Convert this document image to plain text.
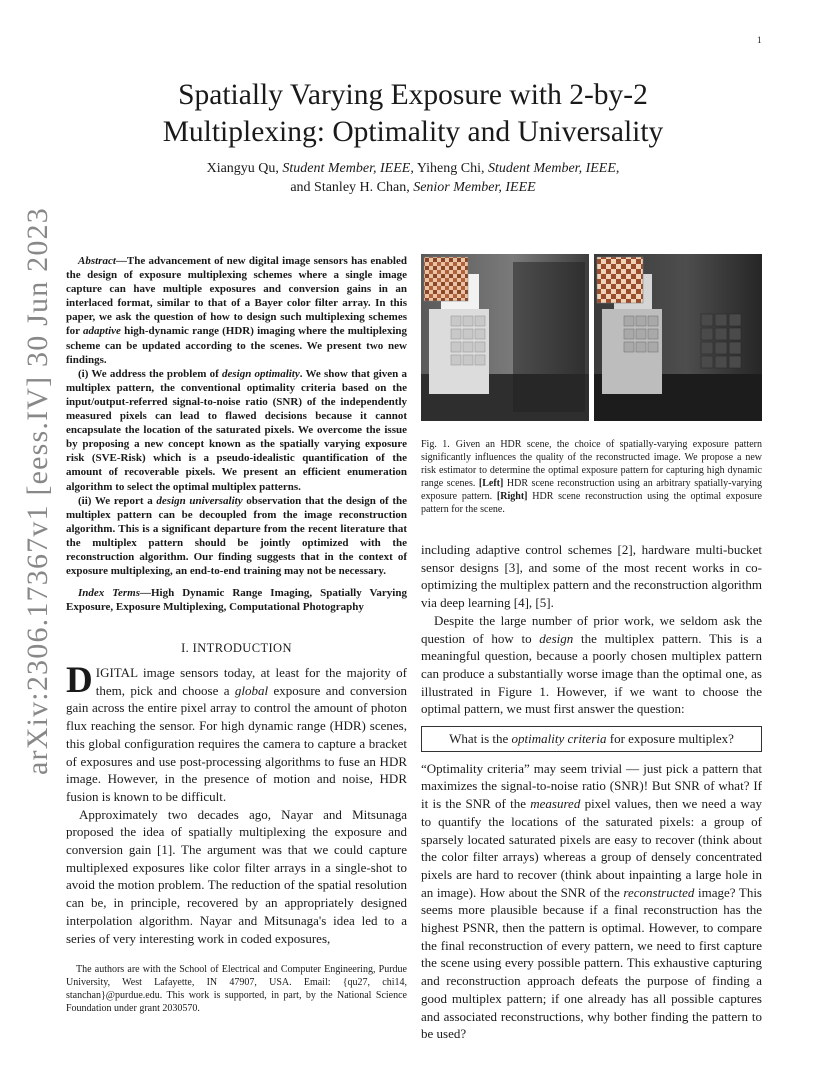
1
arXiv:2306.17367v1 [eess.IV] 30 Jun 2023
Spatially Varying Exposure with 2-by-2 Multiplexing: Optimality and Universality
Xiangyu Qu, Student Member, IEEE, Yiheng Chi, Student Member, IEEE,
and Stanley H. Chan, Senior Member, IEEE

Abstract—The advancement of new digital image sensors has enabled the design of exposure multiplexing schemes where a single image capture can have multiple exposures and conversion gains in an interlaced format, similar to that of a Bayer color filter array. In this paper, we ask the question of how to design such multiplexing schemes for adaptive high-dynamic range (HDR) imaging where the multiplexing scheme can be updated according to the scenes. We present two new findings.

(i) We address the problem of design optimality. We show that given a multiplex pattern, the conventional optimality criteria based on the input/output-referred signal-to-noise ratio (SNR) of the independently measured pixels can lead to flawed decisions because it cannot encapsulate the location of the saturated pixels. We overcome the issue by proposing a new concept known as the spatially varying exposure risk (SVE-Risk) which is a pseudo-idealistic quantification of the amount of recoverable pixels. We present an efficient enumeration algorithm to select the optimal multiplex patterns.

(ii) We report a design universality observation that the design of the multiplex pattern can be decoupled from the image reconstruction algorithm. This is a significant departure from the recent literature that the multiplex pattern should be jointly optimized with the reconstruction algorithm. Our finding suggests that in the context of exposure multiplexing, an end-to-end training may not be necessary.

Index Terms—High Dynamic Range Imaging, Spatially Varying Exposure, Exposure Multiplexing, Computational Photography
I. INTRODUCTION

DIGITAL image sensors today, at least for the majority of them, pick and choose a global exposure and conversion gain across the entire pixel array to control the amount of photon flux reaching the sensor. For high dynamic range (HDR) scenes, this global configuration requires the camera to capture a bracket of exposures and use post-processing algorithms to fuse an HDR image. However, in the presence of motion and noise, HDR fusion is known to be difficult.

Approximately two decades ago, Nayar and Mitsunaga proposed the idea of spatially multiplexing the exposure and conversion gain [1]. The argument was that we could capture multiplexed exposures like color filter arrays in a single-shot to avoid the motion problem. The reduction of the spatial resolution can be, in principle, recovered by an appropriately designed interpolation algorithm. Nayar and Mitsunaga's idea led to a series of very interesting work in coded exposures,

The authors are with the School of Electrical and Computer Engineering, Purdue University, West Lafayette, IN 47907, USA. Email: {qu27, chi14, stanchan}@purdue.edu. This work is supported, in part, by the National Science Foundation under grant 2030570.
Fig. 1. Given an HDR scene, the choice of spatially-varying exposure pattern significantly influences the quality of the reconstructed image. We propose a new risk estimator to determine the optimal exposure pattern for capturing high dynamic range scenes. [Left] HDR scene reconstruction using an arbitrary spatially-varying exposure pattern. [Right] HDR scene reconstruction using the optimal exposure pattern for the scene.

including adaptive control schemes [2], hardware multi-bucket sensor designs [3], and some of the most recent works in co-optimizing the multiplex pattern and the reconstruction algorithm via deep learning [4], [5].

Despite the large number of prior work, we seldom ask the question of how to design the multiplex pattern. This is a meaningful question, because a poorly chosen multiplex pattern can produce a substantially worse image than the optimal one, as illustrated in Figure 1. However, if we want to choose the optimal pattern, we must first answer the question:

What is the optimality criteria for exposure multiplex?

“Optimality criteria” may seem trivial — just pick a pattern that maximizes the signal-to-noise ratio (SNR)! But SNR of what? If it is the SNR of the measured pixel values, then we need a way to quantify the locations of the saturated pixels: a group of sparsely located saturated pixels are easy to recover (think about the color filter arrays) whereas a group of densely concentrated pixels are hard to recover (think about inpainting a large hole in an image). How about the SNR of the reconstructed image? This seems more plausible because if a final reconstruction has the highest PSNR, then the pattern is optimal. However, to compare the final reconstruction of every pattern, we need to first capture the scene using every possible pattern. This exhaustive capturing and reconstruction approach defeats the purpose of finding a good multiplex pattern; if one already has all possible captures and associated reconstructions, why bother finding the pattern to be used?
